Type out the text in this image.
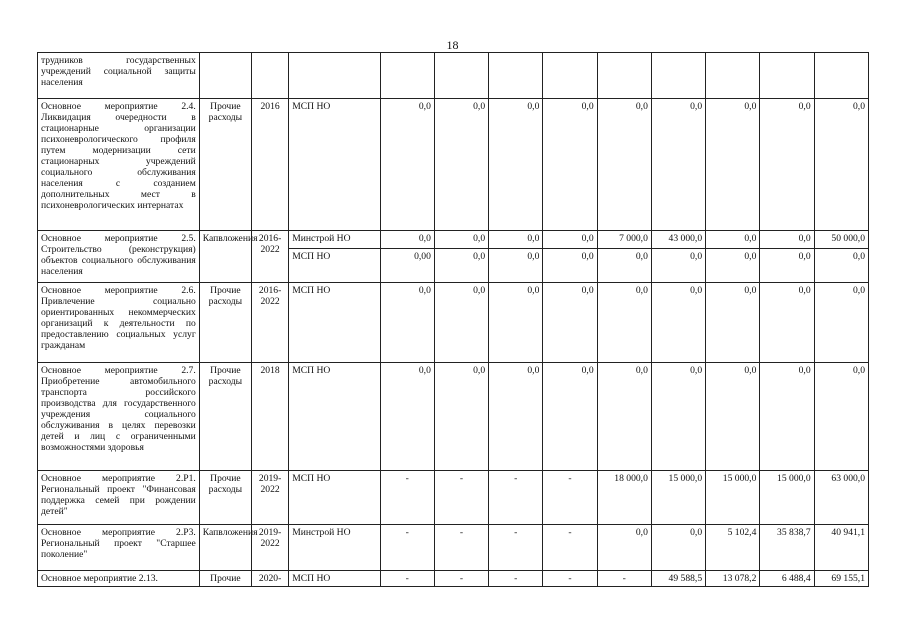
18
трудников государственных учреждений социальной защиты населения												
Основное мероприятие 2.4. Ликвидация очередности в стационарные организации психоневрологического профиля путем модернизации сети стационарных учреждений социального обслуживания населения с созданием дополнительных мест в психоневрологических интернатах	Прочие расходы	2016	МСП НО	0,0	0,0	0,0	0,0	0,0	0,0	0,0	0,0	0,0
Основное мероприятие 2.5. Строительство (реконструкция) объектов социального обслуживания населения	Капвложения	2016-2022	Минстрой НО	0,0	0,0	0,0	0,0	7 000,0	43 000,0	0,0	0,0	50 000,0
			МСП НО	0,00	0,0	0,0	0,0	0,0	0,0	0,0	0,0	0,0
Основное мероприятие 2.6. Привлечение социально ориентированных некоммерческих организаций к деятельности по предоставлению социальных услуг гражданам	Прочие расходы	2016-2022	МСП НО	0,0	0,0	0,0	0,0	0,0	0,0	0,0	0,0	0,0
Основное мероприятие 2.7. Приобретение автомобильного транспорта российского производства для государственного учреждения социального обслуживания в целях перевозки детей и лиц с ограниченными возможностями здоровья	Прочие расходы	2018	МСП НО	0,0	0,0	0,0	0,0	0,0	0,0	0,0	0,0	0,0
Основное мероприятие 2.P1. Региональный проект "Финансовая поддержка семей при рождении детей"	Прочие расходы	2019-2022	МСП НО	-	-	-	-	18 000,0	15 000,0	15 000,0	15 000,0	63 000,0
Основное мероприятие 2.P3. Региональный проект "Старшее поколение"	Капвложения	2019-2022	Минстрой НО	-	-	-	-	0,0	0,0	5 102,4	35 838,7	40 941,1
Основное мероприятие 2.13.	Прочие	2020-	МСП НО	-	-	-	-	-	49 588,5	13 078,2	6 488,4	69 155,1
